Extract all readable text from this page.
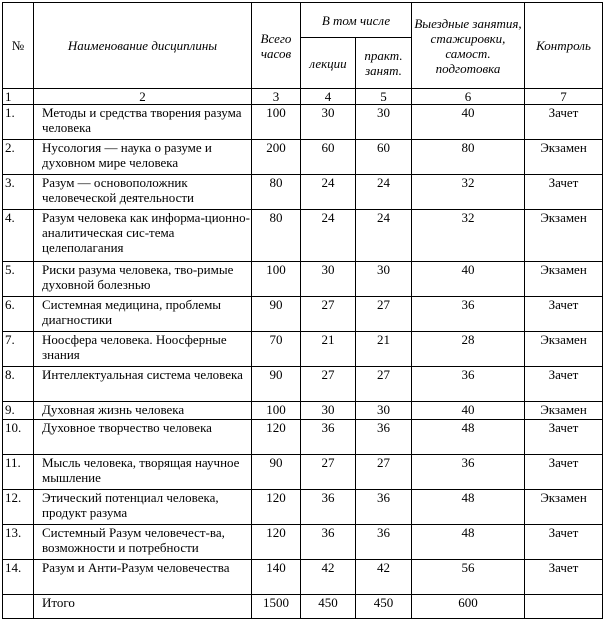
№	Наименование дисциплины	Всего часов	В том числе		Выездные занятия, стажировки, самост. подготовка	Контроль
			лекции	практ. занят.		
1	2	3	4	5	6	7
1.	Методы и средства творения разума человека	100	30	30	40	Зачет
2.	Нусология — наука о разуме и духовном мире человека	200	60	60	80	Экзамен
3.	Разум — основоположник человеческой деятельности	80	24	24	32	Зачет
4.	Разум человека как информа-ционно-аналитическая сис-тема целеполагания	80	24	24	32	Экзамен
5.	Риски разума человека, тво-римые духовной болезнью	100	30	30	40	Экзамен
6.	Системная медицина, проблемы диагностики	90	27	27	36	Зачет
7.	Ноосфера человека. Ноосферные знания	70	21	21	28	Экзамен
8.	Интеллектуальная система человека	90	27	27	36	Зачет
9.	Духовная жизнь человека	100	30	30	40	Экзамен
10.	Духовное творчество человека	120	36	36	48	Зачет
11.	Мысль человека, творящая научное мышление	90	27	27	36	Зачет
12.	Этический потенциал человека, продукт разума	120	36	36	48	Экзамен
13.	Системный Разум человечест-ва, возможности и потребности	120	36	36	48	Зачет
14.	Разум и Анти-Разум человечества	140	42	42	56	Зачет
	Итого	1500	450	450	600	
